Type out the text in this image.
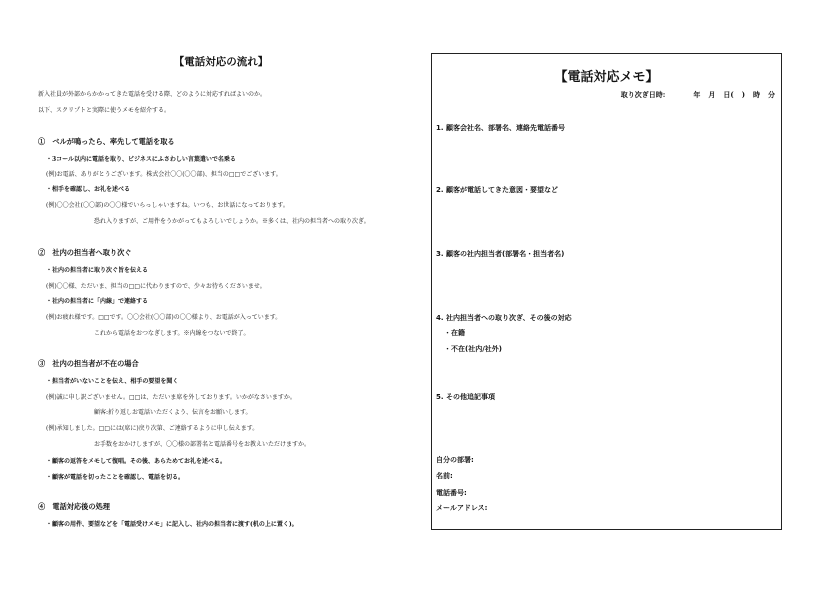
【電話対応の流れ】
新入社員が外部からかかってきた電話を受ける際、どのように対応すればよいのか。
以下、スクリプトと実際に使うメモを紹介する。
①　ベルが鳴ったら、率先して電話を取る
・3コール以内に電話を取り、ビジネスにふさわしい言葉遣いで名乗る
(例)お電話、ありがとうございます。株式会社〇〇(〇〇部)、担当の□□でございます。
・相手を確認し、お礼を述べる
(例)〇〇会社(〇〇部)の〇〇様でいらっしゃいますね。いつも、お世話になっております。
恐れ入りますが、ご用件をうかがってもよろしいでしょうか。※多くは、社内の担当者への取り次ぎ。
②　社内の担当者へ取り次ぐ
・社内の担当者に取り次ぐ旨を伝える
(例)〇〇様、ただいま、担当の□□に代わりますので、少々お待ちくださいませ。
・社内の担当者に「内線」で連絡する
(例)お疲れ様です。□□です。〇〇会社(〇〇部)の〇〇様より、お電話が入っています。
これから電話をおつなぎします。※内線をつないで終了。
③　社内の担当者が不在の場合
・担当者がいないことを伝え、相手の要望を聞く
(例)誠に申し訳ございません。□□は、ただいま席を外しております。いかがなさいますか。
顧客:折り返しお電話いただくよう、伝言をお願いします。
(例)承知しました。□□には(席に)戻り次第、ご連絡するように申し伝えます。
お手数をおかけしますが、〇〇様の部署名と電話番号をお教えいただけますか。
・顧客の返答をメモして復唱。その後、あらためてお礼を述べる。
・顧客が電話を切ったことを確認し、電話を切る。
④　電話対応後の処理
・顧客の用件、要望などを「電話受けメモ」に記入し、社内の担当者に渡す(机の上に置く)。
【電話対応メモ】
取り次ぎ日時:	年 月 日( ) 時 分
1. 顧客会社名、部署名、連絡先電話番号
2. 顧客が電話してきた意図・要望など
3. 顧客の社内担当者(部署名・担当者名)
4. 社内担当者への取り次ぎ、その後の対応
・在籍
・不在(社内/社外)
5. その他追記事項
自分の部署:
名前:
電話番号:
メールアドレス:
